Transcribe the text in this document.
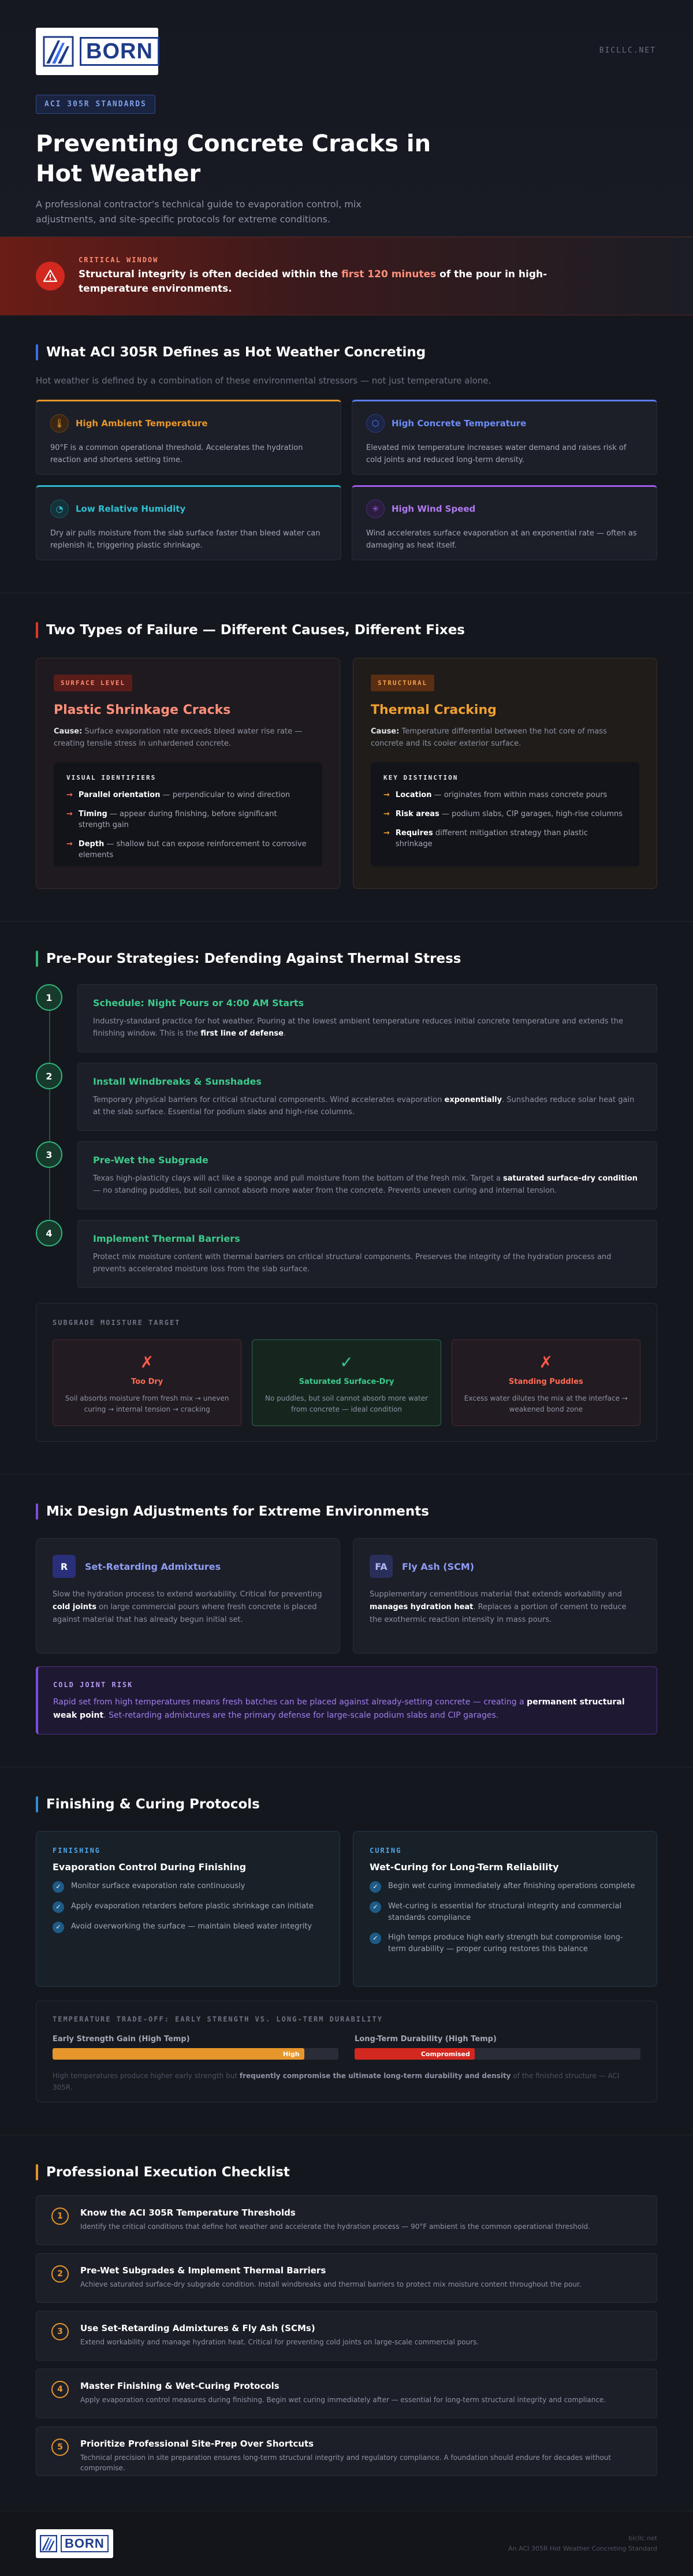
BORN	BICLLC.NET
ACI 305R STANDARDS
Preventing Concrete Cracks in Hot Weather

A professional contractor's technical guide to evaporation control, mix adjustments, and site-specific protocols for extreme conditions.

CRITICAL WINDOW
Structural integrity is often decided within the first 120 minutes of the pour in high-temperature environments.
What ACI 305R Defines as Hot Weather Concreting

Hot weather is defined by a combination of these environmental stressors — not just temperature alone.

🌡	High Ambient Temperature

90°F is a common operational threshold. Accelerates the hydration reaction and shortens setting time.

⬡	High Concrete Temperature

Elevated mix temperature increases water demand and raises risk of cold joints and reduced long-term density.

◔	Low Relative Humidity

Dry air pulls moisture from the slab surface faster than bleed water can replenish it, triggering plastic shrinkage.

✳	High Wind Speed

Wind accelerates surface evaporation at an exponential rate — often as damaging as heat itself.

Two Types of Failure — Different Causes, Different Fixes
SURFACE LEVEL
Plastic Shrinkage Cracks

Cause: Surface evaporation rate exceeds bleed water rise rate — creating tensile stress in unhardened concrete.

VISUAL IDENTIFIERS
→ Parallel orientation — perpendicular to wind direction
→ Timing — appear during finishing, before significant strength gain
→ Depth — shallow but can expose reinforcement to corrosive elements
STRUCTURAL
Thermal Cracking

Cause: Temperature differential between the hot core of mass concrete and its cooler exterior surface.

KEY DISTINCTION
→ Location — originates from within mass concrete pours
→ Risk areas — podium slabs, CIP garages, high-rise columns
→ Requires different mitigation strategy than plastic shrinkage
Pre-Pour Strategies: Defending Against Thermal Stress
1	Schedule: Night Pours or 4:00 AM Starts

Industry-standard practice for hot weather. Pouring at the lowest ambient temperature reduces initial concrete temperature and extends the finishing window. This is the first line of defense.

2	Install Windbreaks & Sunshades

Temporary physical barriers for critical structural components. Wind accelerates evaporation exponentially. Sunshades reduce solar heat gain at the slab surface. Essential for podium slabs and high-rise columns.

3	Pre-Wet the Subgrade

Texas high-plasticity clays will act like a sponge and pull moisture from the bottom of the fresh mix. Target a saturated surface-dry condition — no standing puddles, but soil cannot absorb more water from the concrete. Prevents uneven curing and internal tension.

4	Implement Thermal Barriers

Protect mix moisture content with thermal barriers on critical structural components. Preserves the integrity of the hydration process and prevents accelerated moisture loss from the slab surface.

SUBGRADE MOISTURE TARGET
✗
Too Dry

Soil absorbs moisture from fresh mix → uneven curing → internal tension → cracking

✓
Saturated Surface-Dry

No puddles, but soil cannot absorb more water from concrete — ideal condition

✗
Standing Puddles

Excess water dilutes the mix at the interface → weakened bond zone

Mix Design Adjustments for Extreme Environments
R	Set-Retarding Admixtures

Slow the hydration process to extend workability. Critical for preventing cold joints on large commercial pours where fresh concrete is placed against material that has already begun initial set.

FA	Fly Ash (SCM)

Supplementary cementitious material that extends workability and manages hydration heat. Replaces a portion of cement to reduce the exothermic reaction intensity in mass pours.

COLD JOINT RISK

Rapid set from high temperatures means fresh batches can be placed against already-setting concrete — creating a permanent structural weak point. Set-retarding admixtures are the primary defense for large-scale podium slabs and CIP garages.

Finishing & Curing Protocols
FINISHING
Evaporation Control During Finishing
✓	Monitor surface evaporation rate continuously
✓	Apply evaporation retarders before plastic shrinkage can initiate
✓	Avoid overworking the surface — maintain bleed water integrity
CURING
Wet-Curing for Long-Term Reliability
✓	Begin wet curing immediately after finishing operations complete
✓	Wet-curing is essential for structural integrity and commercial standards compliance
✓	High temps produce high early strength but compromise long-term durability — proper curing restores this balance
TEMPERATURE TRADE-OFF: EARLY STRENGTH VS. LONG-TERM DURABILITY
Early Strength Gain (High Temp)
High
Long-Term Durability (High Temp)
Compromised

High temperatures produce higher early strength but frequently compromise the ultimate long-term durability and density of the finished structure — ACI 305R.

Professional Execution Checklist
1	Know the ACI 305R Temperature Thresholds

Identify the critical conditions that define hot weather and accelerate the hydration process — 90°F ambient is the common operational threshold.

2	Pre-Wet Subgrades & Implement Thermal Barriers

Achieve saturated surface-dry subgrade condition. Install windbreaks and thermal barriers to protect mix moisture content throughout the pour.

3	Use Set-Retarding Admixtures & Fly Ash (SCMs)

Extend workability and manage hydration heat. Critical for preventing cold joints on large-scale commercial pours.

4	Master Finishing & Wet-Curing Protocols

Apply evaporation control measures during finishing. Begin wet curing immediately after — essential for long-term structural integrity and compliance.

5	Prioritize Professional Site-Prep Over Shortcuts

Technical precision in site preparation ensures long-term structural integrity and regulatory compliance. A foundation should endure for decades without compromise.

BORN	bicllc.net
An ACI 305R Hot Weather Concreting Standard
